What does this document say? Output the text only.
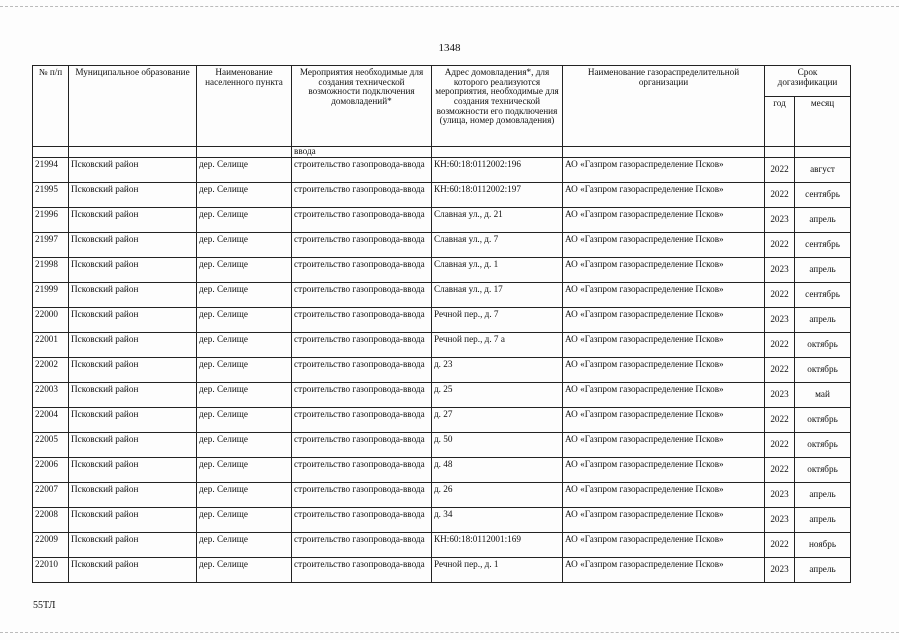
1348
№ п/п	Муниципальное образование	Наименование населенного пункта	Мероприятия необходимые для создания технической возможности подключения домовладений*	Адрес домовладения*, для которого реализуются мероприятия, необходимые для создания технической возможности его подключения (улица, номер домовладения)	Наименование газораспределительной организации	Срок догазификации	
						год	месяц
			ввода				
21994	Псковский район	дер. Селище	строительство газопровода-ввода	КН:60:18:0112002:196	АО «Газпром газораспределение Псков»	2022	август
21995	Псковский район	дер. Селище	строительство газопровода-ввода	КН:60:18:0112002:197	АО «Газпром газораспределение Псков»	2022	сентябрь
21996	Псковский район	дер. Селище	строительство газопровода-ввода	Славная ул., д. 21	АО «Газпром газораспределение Псков»	2023	апрель
21997	Псковский район	дер. Селище	строительство газопровода-ввода	Славная ул., д. 7	АО «Газпром газораспределение Псков»	2022	сентябрь
21998	Псковский район	дер. Селище	строительство газопровода-ввода	Славная ул., д. 1	АО «Газпром газораспределение Псков»	2023	апрель
21999	Псковский район	дер. Селище	строительство газопровода-ввода	Славная ул., д. 17	АО «Газпром газораспределение Псков»	2022	сентябрь
22000	Псковский район	дер. Селище	строительство газопровода-ввода	Речной пер., д. 7	АО «Газпром газораспределение Псков»	2023	апрель
22001	Псковский район	дер. Селище	строительство газопровода-ввода	Речной пер., д. 7 а	АО «Газпром газораспределение Псков»	2022	октябрь
22002	Псковский район	дер. Селище	строительство газопровода-ввода	д. 23	АО «Газпром газораспределение Псков»	2022	октябрь
22003	Псковский район	дер. Селище	строительство газопровода-ввода	д. 25	АО «Газпром газораспределение Псков»	2023	май
22004	Псковский район	дер. Селище	строительство газопровода-ввода	д. 27	АО «Газпром газораспределение Псков»	2022	октябрь
22005	Псковский район	дер. Селище	строительство газопровода-ввода	д. 50	АО «Газпром газораспределение Псков»	2022	октябрь
22006	Псковский район	дер. Селище	строительство газопровода-ввода	д. 48	АО «Газпром газораспределение Псков»	2022	октябрь
22007	Псковский район	дер. Селище	строительство газопровода-ввода	д. 26	АО «Газпром газораспределение Псков»	2023	апрель
22008	Псковский район	дер. Селище	строительство газопровода-ввода	д. 34	АО «Газпром газораспределение Псков»	2023	апрель
22009	Псковский район	дер. Селище	строительство газопровода-ввода	КН:60:18:0112001:169	АО «Газпром газораспределение Псков»	2022	ноябрь
22010	Псковский район	дер. Селище	строительство газопровода-ввода	Речной пер., д. 1	АО «Газпром газораспределение Псков»	2023	апрель
55ТЛ
